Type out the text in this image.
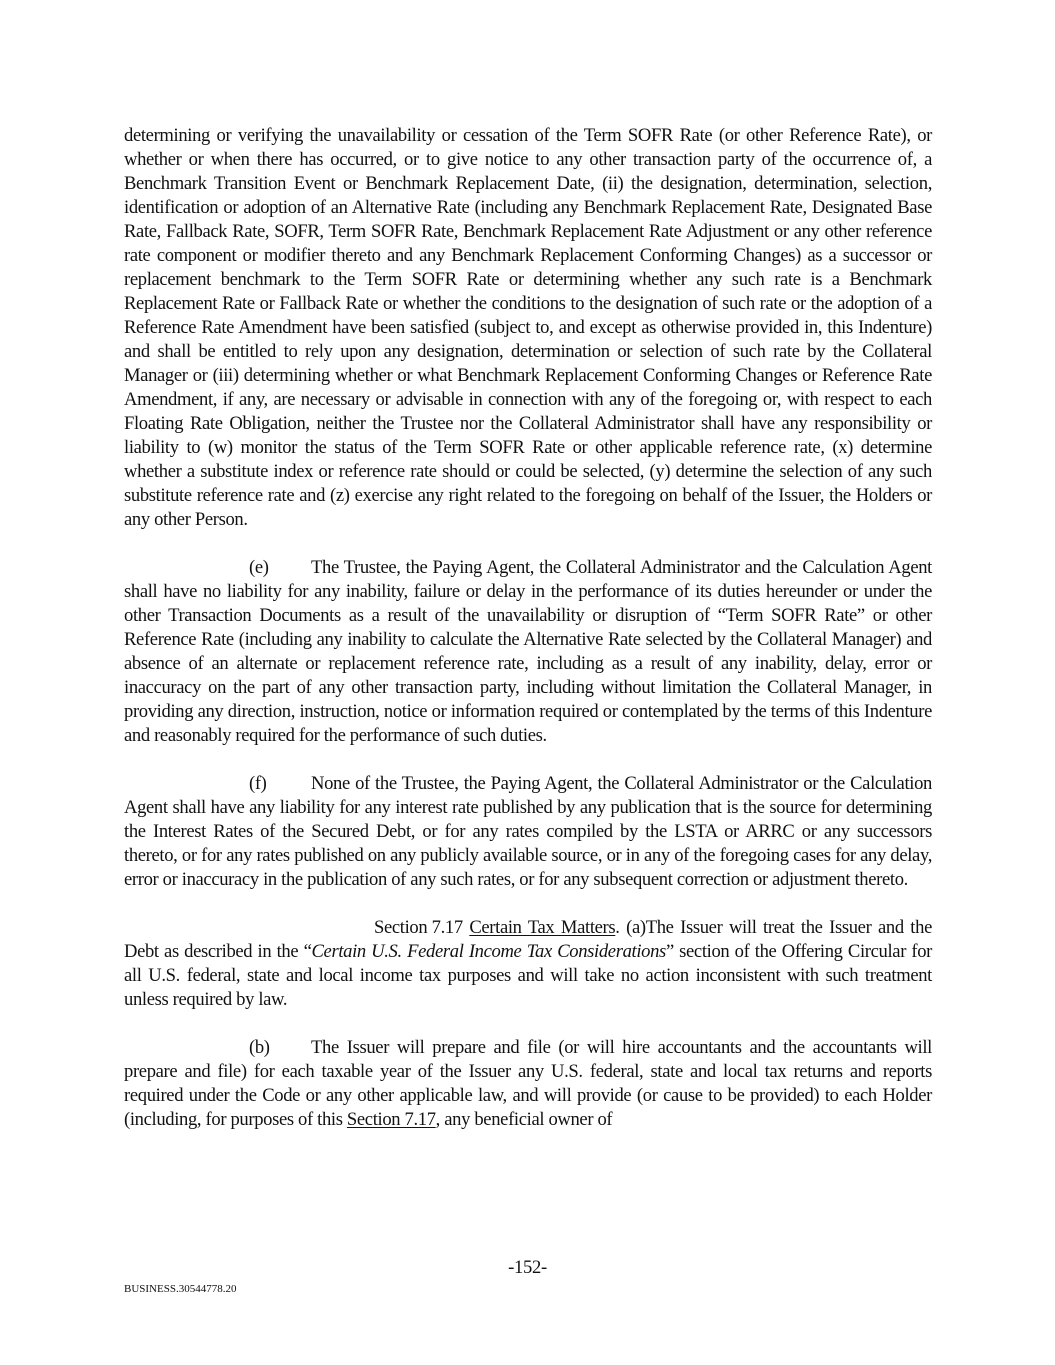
determining or verifying the unavailability or cessation of the Term SOFR Rate (or other Reference Rate), or whether or when there has occurred, or to give notice to any other transaction party of the occurrence of, a Benchmark Transition Event or Benchmark Replacement Date, (ii) the designation, determination, selection, identification or adoption of an Alternative Rate (including any Benchmark Replacement Rate, Designated Base Rate, Fallback Rate, SOFR, Term SOFR Rate, Benchmark Replacement Rate Adjustment or any other reference rate component or modifier thereto and any Benchmark Replacement Conforming Changes) as a successor or replacement benchmark to the Term SOFR Rate or determining whether any such rate is a Benchmark Replacement Rate or Fallback Rate or whether the conditions to the designation of such rate or the adoption of a Reference Rate Amendment have been satisfied (subject to, and except as otherwise provided in, this Indenture) and shall be entitled to rely upon any designation, determination or selection of such rate by the Collateral Manager or (iii) determining whether or what Benchmark Replacement Conforming Changes or Reference Rate Amendment, if any, are necessary or advisable in connection with any of the foregoing or, with respect to each Floating Rate Obligation, neither the Trustee nor the Collateral Administrator shall have any responsibility or liability to (w) monitor the status of the Term SOFR Rate or other applicable reference rate, (x) determine whether a substitute index or reference rate should or could be selected, (y) determine the selection of any such substitute reference rate and (z) exercise any right related to the foregoing on behalf of the Issuer, the Holders or any other Person.

(e) The Trustee, the Paying Agent, the Collateral Administrator and the Calculation Agent shall have no liability for any inability, failure or delay in the performance of its duties hereunder or under the other Transaction Documents as a result of the unavailability or disruption of “Term SOFR Rate” or other Reference Rate (including any inability to calculate the Alternative Rate selected by the Collateral Manager) and absence of an alternate or replacement reference rate, including as a result of any inability, delay, error or inaccuracy on the part of any other transaction party, including without limitation the Collateral Manager, in providing any direction, instruction, notice or information required or contemplated by the terms of this Indenture and reasonably required for the performance of such duties.

(f) None of the Trustee, the Paying Agent, the Collateral Administrator or the Calculation Agent shall have any liability for any interest rate published by any publication that is the source for determining the Interest Rates of the Secured Debt, or for any rates compiled by the LSTA or ARRC or any successors thereto, or for any rates published on any publicly available source, or in any of the foregoing cases for any delay, error or inaccuracy in the publication of any such rates, or for any subsequent correction or adjustment thereto.

Section 7.17 Certain Tax Matters. (a)The Issuer will treat the Issuer and the Debt as described in the “Certain U.S. Federal Income Tax Considerations” section of the Offering Circular for all U.S. federal, state and local income tax purposes and will take no action inconsistent with such treatment unless required by law.

(b) The Issuer will prepare and file (or will hire accountants and the accountants will prepare and file) for each taxable year of the Issuer any U.S. federal, state and local tax returns and reports required under the Code or any other applicable law, and will provide (or cause to be provided) to each Holder (including, for purposes of this Section 7.17, any beneficial owner of

-152-
BUSINESS.30544778.20
